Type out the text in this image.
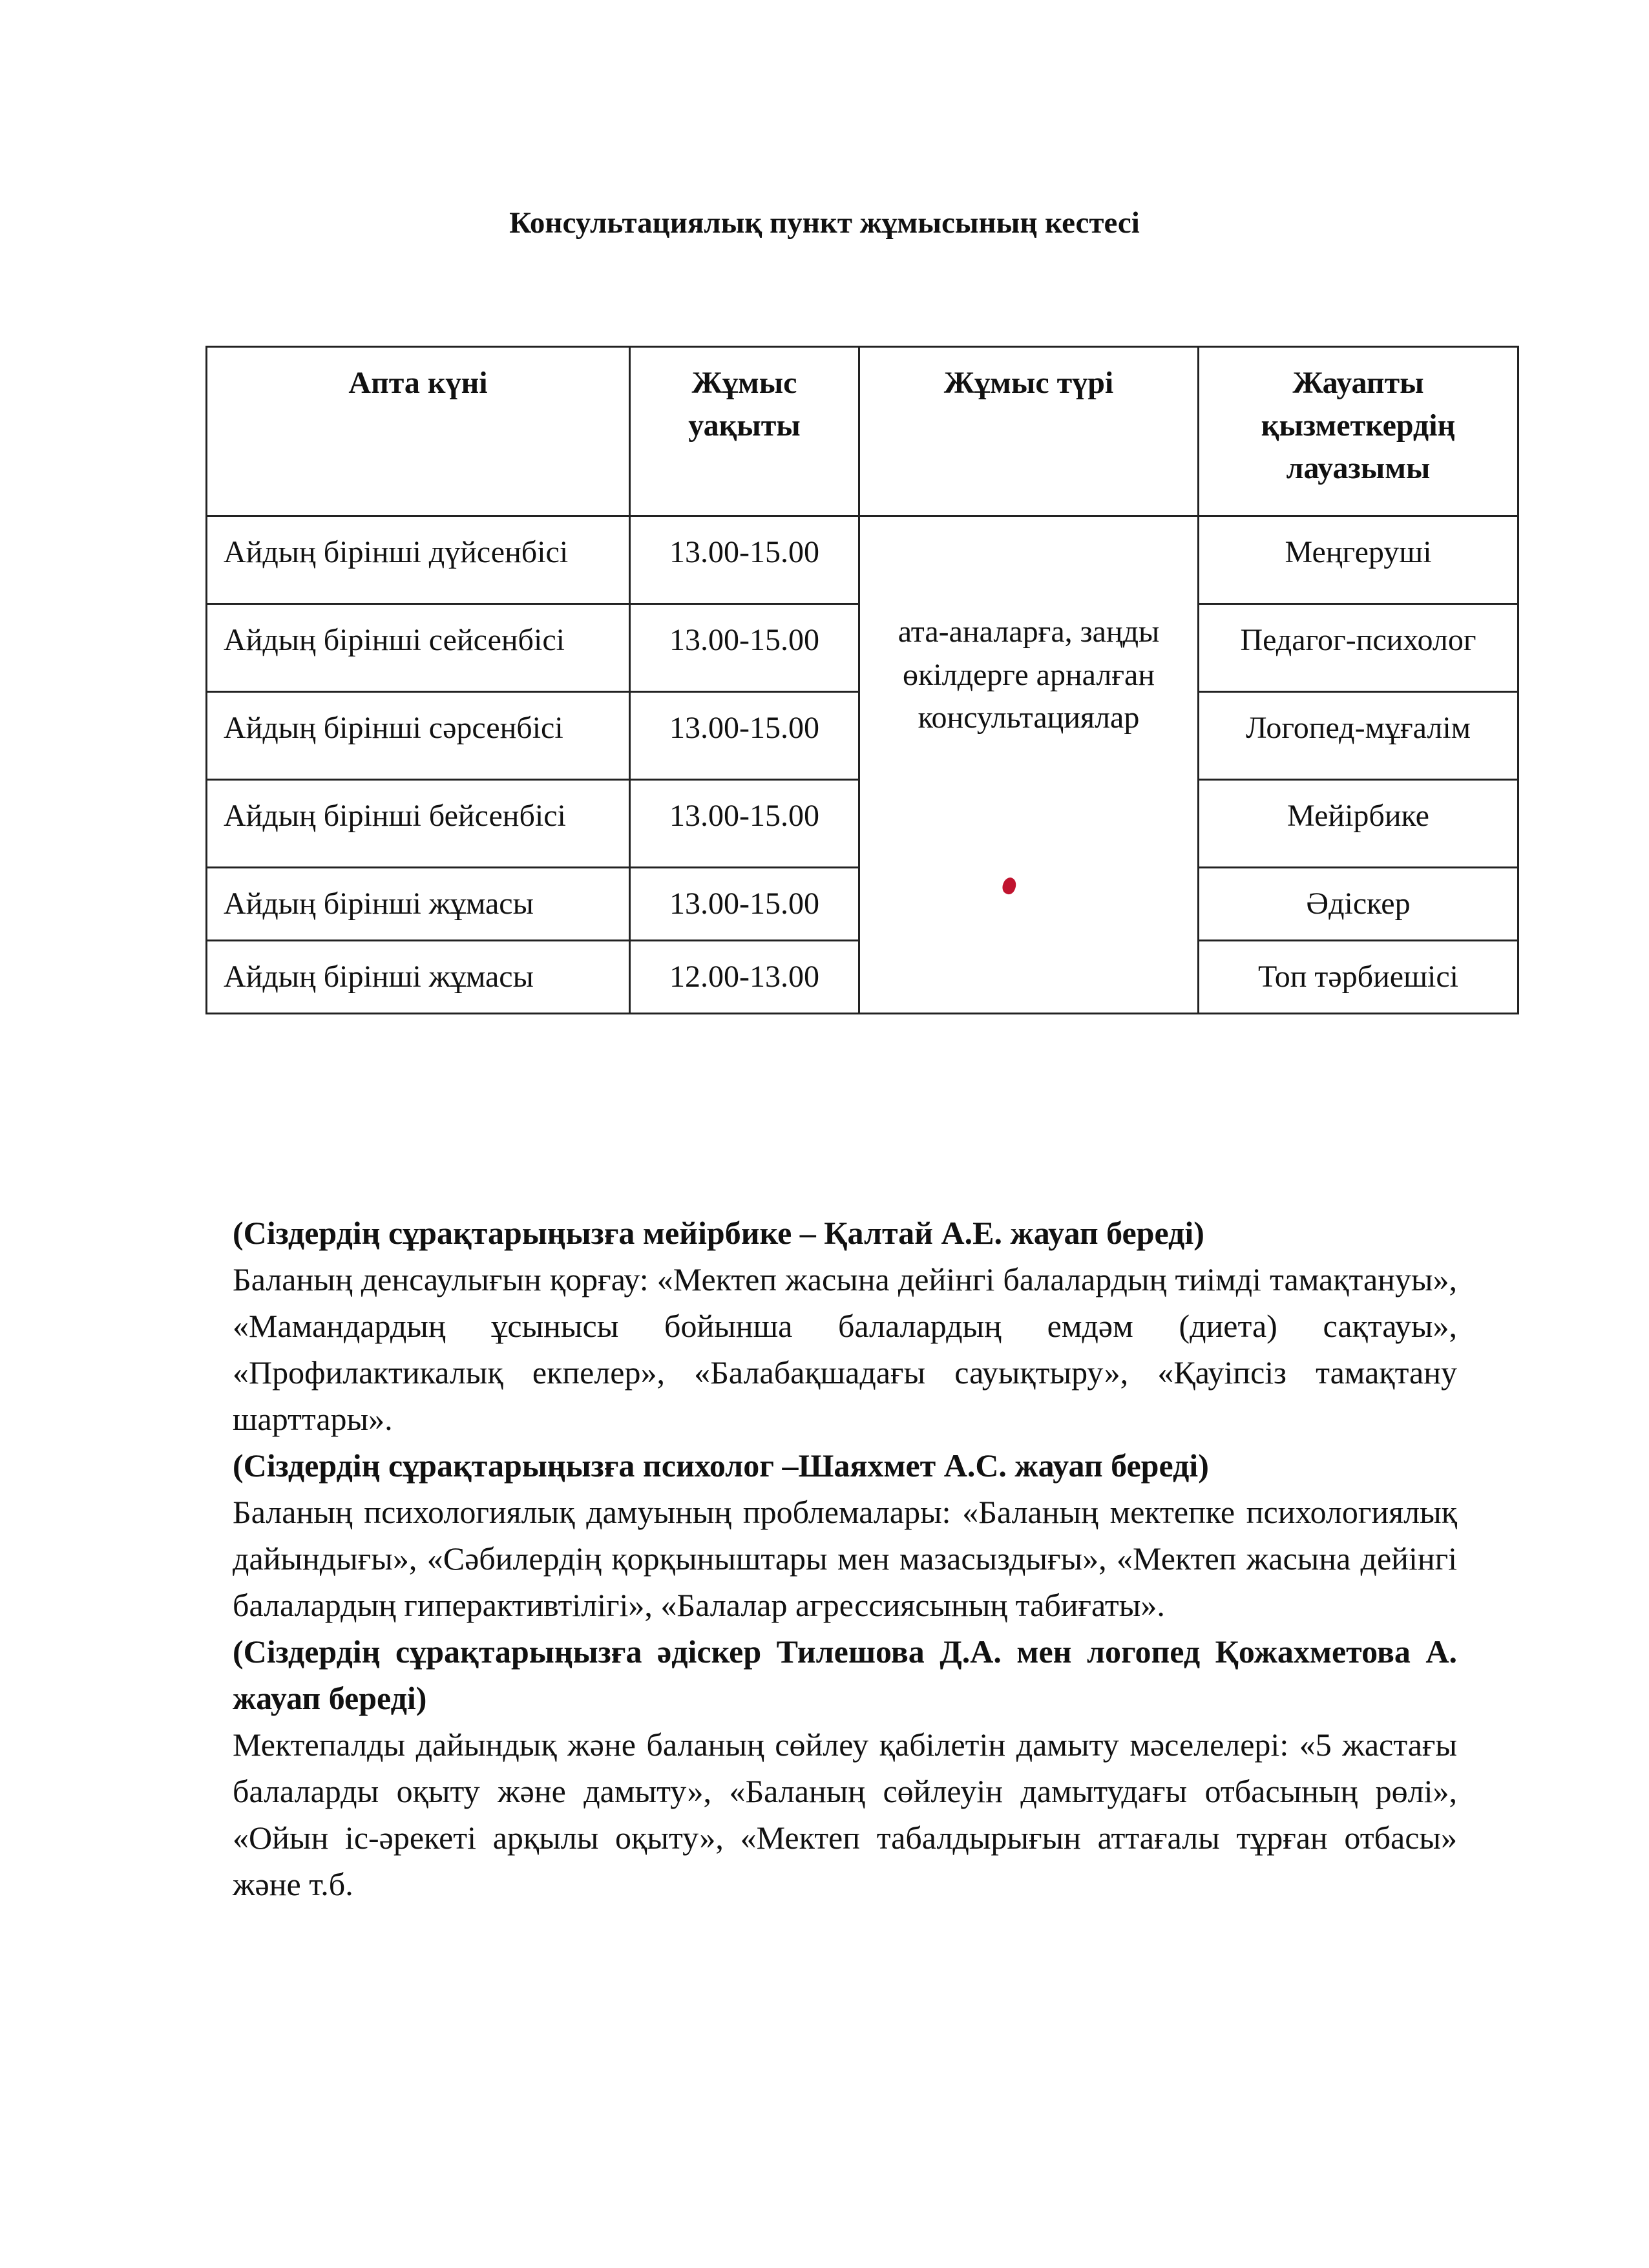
Консультациялық пункт жұмысының кестесі
Апта күні	Жұмыс уақыты	Жұмыс түрі	Жауапты қызметкердің лауазымы
Айдың бірінші дүйсенбісі	13.00-15.00	ата-аналарға, заңды өкілдерге арналған консультациялар	Меңгеруші
Айдың бірінші сейсенбісі	13.00-15.00		Педагог-психолог
Айдың бірінші сәрсенбісі	13.00-15.00		Логопед-мұғалім
Айдың бірінші бейсенбісі	13.00-15.00		Мейірбике
Айдың бірінші жұмасы	13.00-15.00		Әдіскер
Айдың бірінші жұмасы	12.00-13.00		Топ тәрбиешісі

(Сіздердің сұрақтарыңызға мейірбике – Қалтай А.Е. жауап береді)

Баланың денсаулығын қорғау: «Мектеп жасына дейінгі балалардың тиімді тамақтануы», «Мамандардың ұсынысы бойынша балалардың емдәм (диета) сақтауы», «Профилактикалық екпелер», «Балабақшадағы сауықтыру», «Қауіпсіз тамақтану шарттары».

(Сіздердің сұрақтарыңызға психолог –Шаяхмет А.С. жауап береді)

Баланың психологиялық дамуының проблемалары: «Баланың мектепке психологиялық дайындығы», «Сәбилердің қорқыныштары мен мазасыздығы», «Мектеп жасына дейінгі балалардың гиперактивтілігі», «Балалар агрессиясының табиғаты».

(Сіздердің сұрақтарыңызға әдіскер Тилешова Д.А. мен логопед Қожахметова А. жауап береді)

Мектепалды дайындық және баланың сөйлеу қабілетін дамыту мәселелері: «5 жастағы балаларды оқыту және дамыту», «Баланың сөйлеуін дамытудағы отбасының рөлі», «Ойын іс-әрекеті арқылы оқыту», «Мектеп табалдырығын аттағалы тұрған отбасы» және т.б.
